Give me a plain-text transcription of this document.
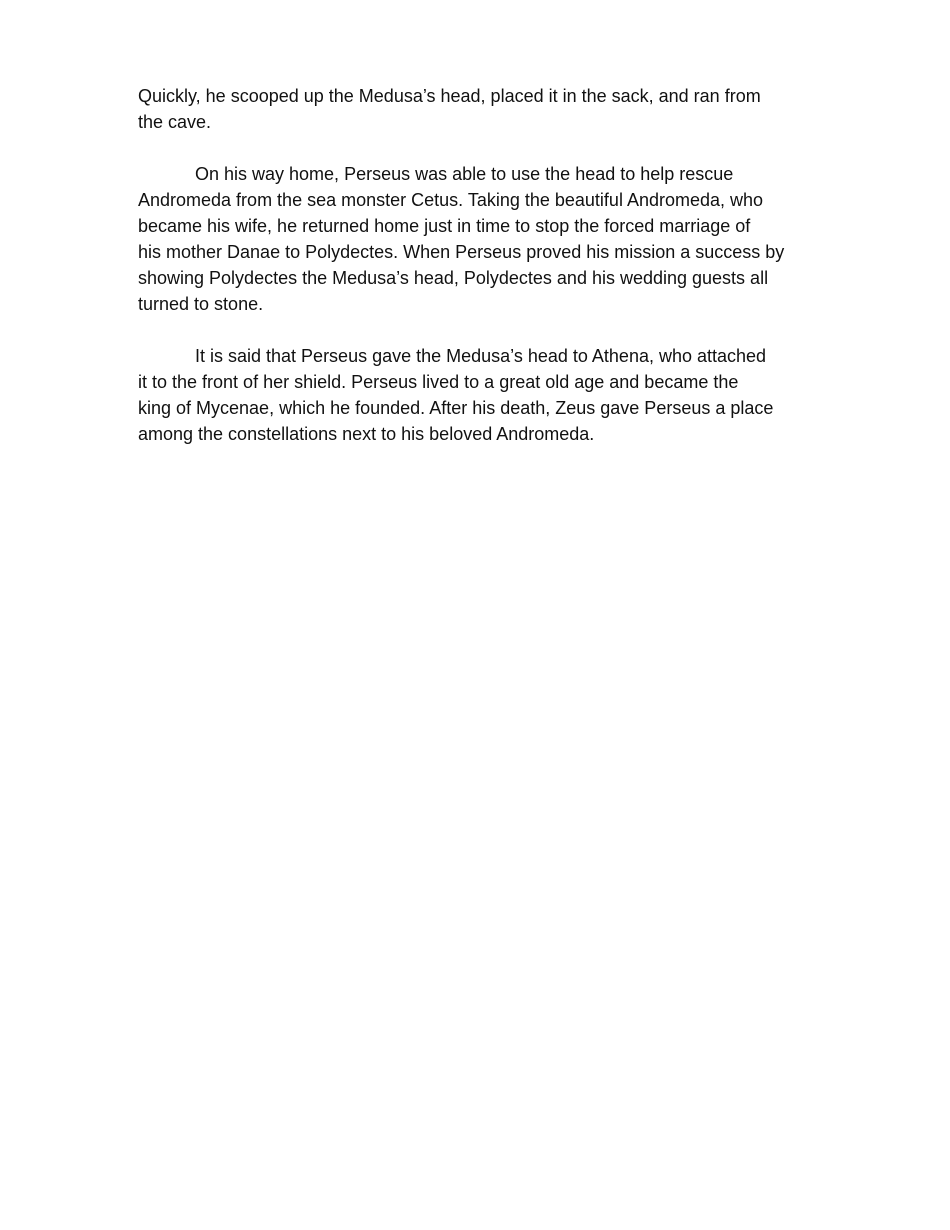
Quickly, he scooped up the Medusa’s head, placed it in the sack, and ran from
the cave.

On his way home, Perseus was able to use the head to help rescue
Andromeda from the sea monster Cetus. Taking the beautiful Andromeda, who
became his wife, he returned home just in time to stop the forced marriage of
his mother Danae to Polydectes. When Perseus proved his mission a success by
showing Polydectes the Medusa’s head, Polydectes and his wedding guests all
turned to stone.

It is said that Perseus gave the Medusa’s head to Athena, who attached
it to the front of her shield. Perseus lived to a great old age and became the
king of Mycenae, which he founded. After his death, Zeus gave Perseus a place
among the constellations next to his beloved Andromeda.
